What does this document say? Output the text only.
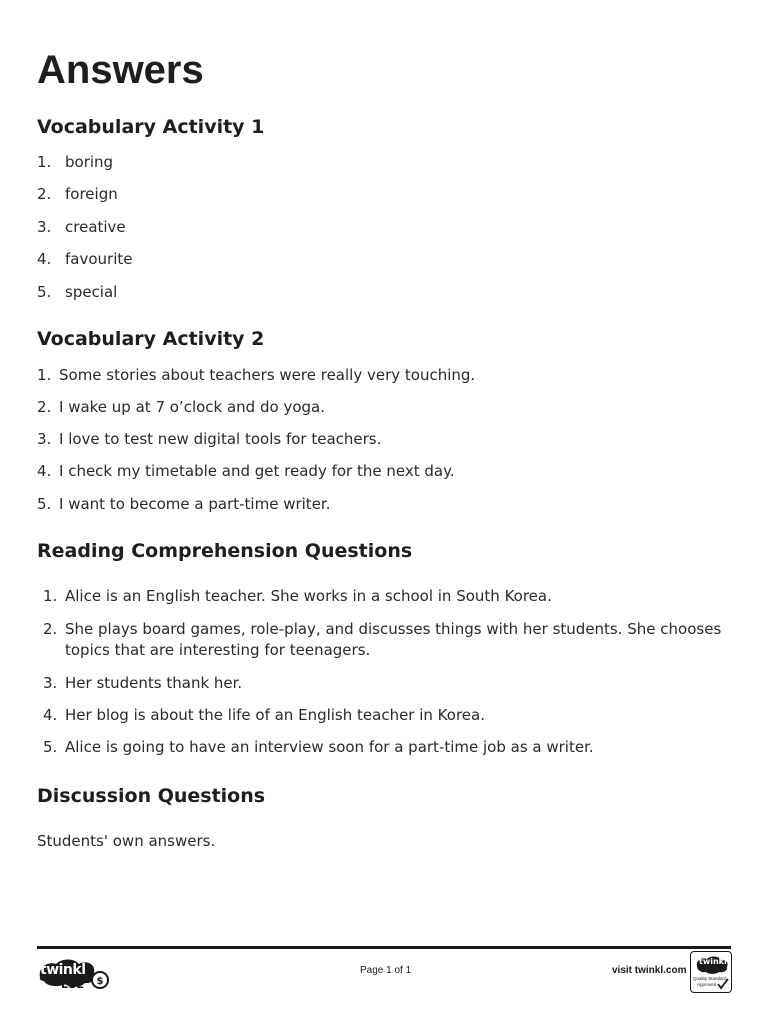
Answers
Vocabulary Activity 1
1. boring
2. foreign
3. creative
4. favourite
5. special
Vocabulary Activity 2
1. Some stories about teachers were really very touching.
2. I wake up at 7 o’clock and do yoga.
3. I love to test new digital tools for teachers.
4. I check my timetable and get ready for the next day.
5. I want to become a part-time writer.
Reading Comprehension Questions
1. Alice is an English teacher. She works in a school in South Korea.
2. She plays board games, role-play, and discusses things with her students. She chooses
topics that are interesting for teenagers.
3. Her students thank her.
4. Her blog is about the life of an English teacher in Korea.
5. Alice is going to have an interview soon for a part-time job as a writer.
Discussion Questions
Students' own answers.
$
twinkl
ESL
Page 1 of 1	visit twinkl.com
twinkl
Quality Standard
Approved
